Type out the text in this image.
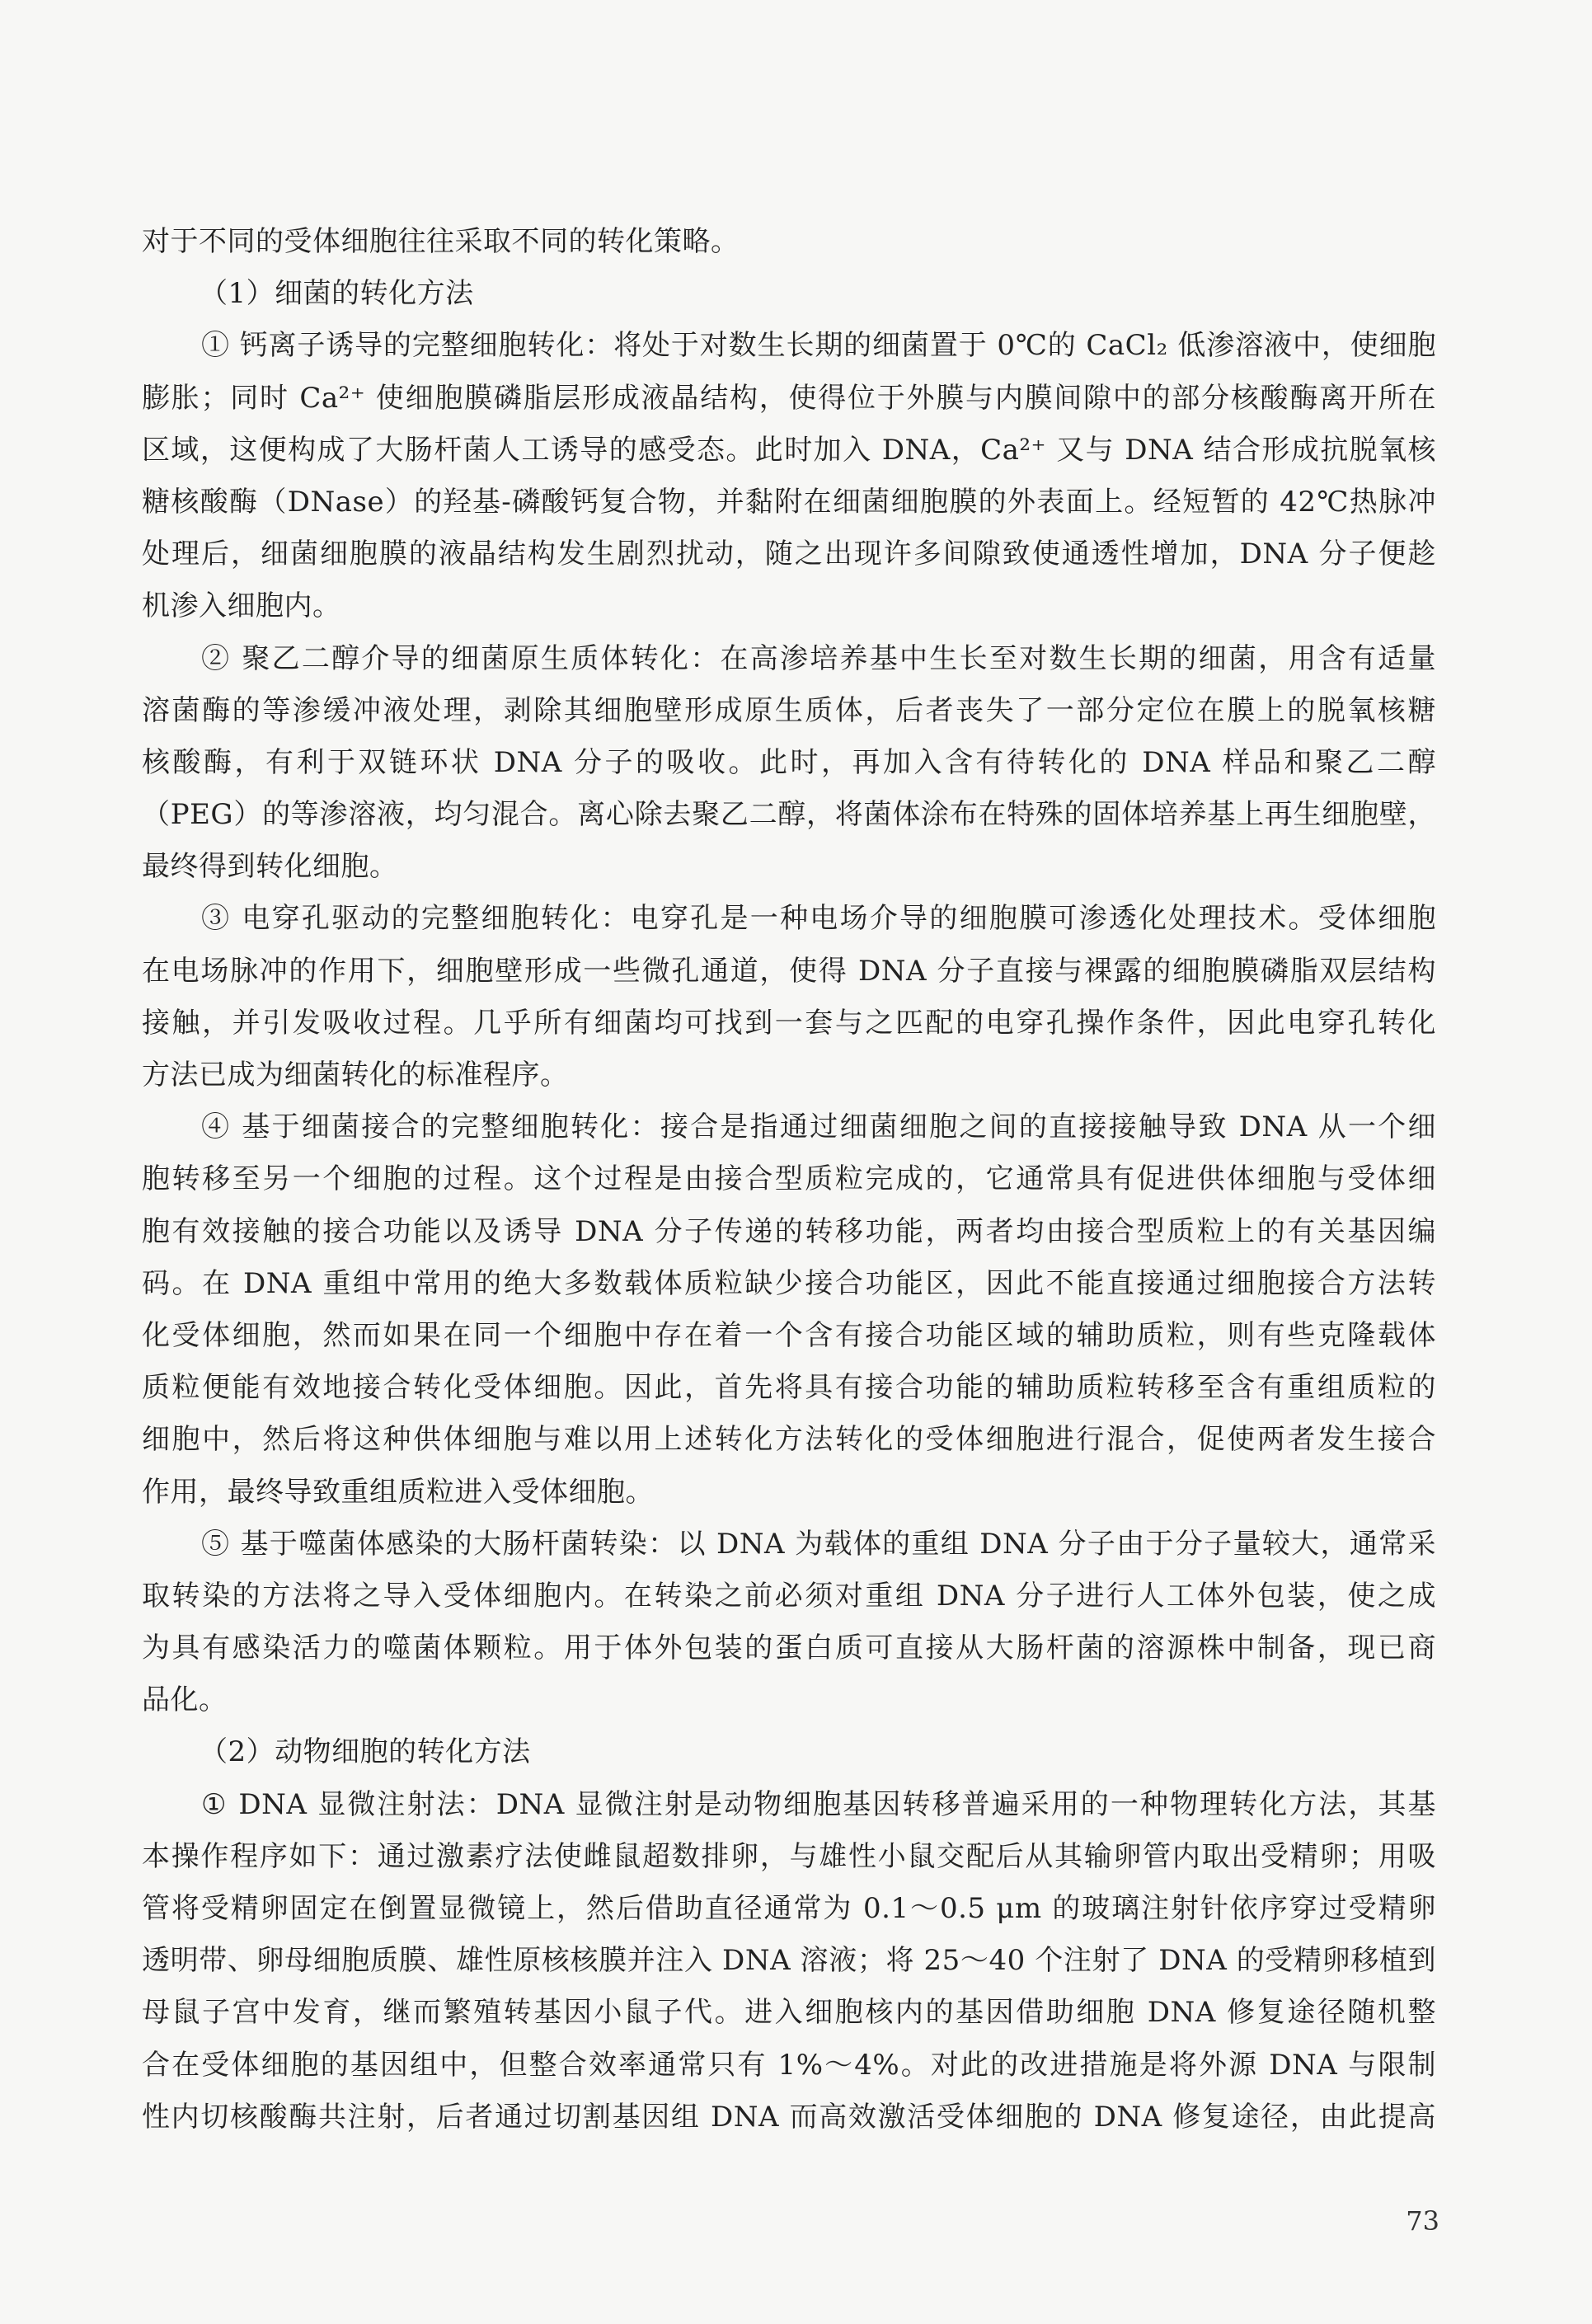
对于不同的受体细胞往往采取不同的转化策略。
（1）细菌的转化方法
① 钙离子诱导的完整细胞转化：将处于对数生长期的细菌置于 0℃的 CaCl₂ 低渗溶液中，使细胞
膨胀；同时 Ca²⁺ 使细胞膜磷脂层形成液晶结构，使得位于外膜与内膜间隙中的部分核酸酶离开所在
区域，这便构成了大肠杆菌人工诱导的感受态。此时加入 DNA，Ca²⁺ 又与 DNA 结合形成抗脱氧核
糖核酸酶（DNase）的羟基-磷酸钙复合物，并黏附在细菌细胞膜的外表面上。经短暂的 42℃热脉冲
处理后，细菌细胞膜的液晶结构发生剧烈扰动，随之出现许多间隙致使通透性增加，DNA 分子便趁
机渗入细胞内。
② 聚乙二醇介导的细菌原生质体转化：在高渗培养基中生长至对数生长期的细菌，用含有适量
溶菌酶的等渗缓冲液处理，剥除其细胞壁形成原生质体，后者丧失了一部分定位在膜上的脱氧核糖
核酸酶，有利于双链环状 DNA 分子的吸收。此时，再加入含有待转化的 DNA 样品和聚乙二醇
（PEG）的等渗溶液，均匀混合。离心除去聚乙二醇，将菌体涂布在特殊的固体培养基上再生细胞壁，
最终得到转化细胞。
③ 电穿孔驱动的完整细胞转化：电穿孔是一种电场介导的细胞膜可渗透化处理技术。受体细胞
在电场脉冲的作用下，细胞壁形成一些微孔通道，使得 DNA 分子直接与裸露的细胞膜磷脂双层结构
接触，并引发吸收过程。几乎所有细菌均可找到一套与之匹配的电穿孔操作条件，因此电穿孔转化
方法已成为细菌转化的标准程序。
④ 基于细菌接合的完整细胞转化：接合是指通过细菌细胞之间的直接接触导致 DNA 从一个细
胞转移至另一个细胞的过程。这个过程是由接合型质粒完成的，它通常具有促进供体细胞与受体细
胞有效接触的接合功能以及诱导 DNA 分子传递的转移功能，两者均由接合型质粒上的有关基因编
码。在 DNA 重组中常用的绝大多数载体质粒缺少接合功能区，因此不能直接通过细胞接合方法转
化受体细胞，然而如果在同一个细胞中存在着一个含有接合功能区域的辅助质粒，则有些克隆载体
质粒便能有效地接合转化受体细胞。因此，首先将具有接合功能的辅助质粒转移至含有重组质粒的
细胞中，然后将这种供体细胞与难以用上述转化方法转化的受体细胞进行混合，促使两者发生接合
作用，最终导致重组质粒进入受体细胞。
⑤ 基于噬菌体感染的大肠杆菌转染：以 DNA 为载体的重组 DNA 分子由于分子量较大，通常采
取转染的方法将之导入受体细胞内。在转染之前必须对重组 DNA 分子进行人工体外包装，使之成
为具有感染活力的噬菌体颗粒。用于体外包装的蛋白质可直接从大肠杆菌的溶源株中制备，现已商
品化。
（2）动物细胞的转化方法
① DNA 显微注射法：DNA 显微注射是动物细胞基因转移普遍采用的一种物理转化方法，其基
本操作程序如下：通过激素疗法使雌鼠超数排卵，与雄性小鼠交配后从其输卵管内取出受精卵；用吸
管将受精卵固定在倒置显微镜上，然后借助直径通常为 0.1～0.5 μm 的玻璃注射针依序穿过受精卵
透明带、卵母细胞质膜、雄性原核核膜并注入 DNA 溶液；将 25～40 个注射了 DNA 的受精卵移植到
母鼠子宫中发育，继而繁殖转基因小鼠子代。进入细胞核内的基因借助细胞 DNA 修复途径随机整
合在受体细胞的基因组中，但整合效率通常只有 1%～4%。对此的改进措施是将外源 DNA 与限制
性内切核酸酶共注射，后者通过切割基因组 DNA 而高效激活受体细胞的 DNA 修复途径，由此提高
73
